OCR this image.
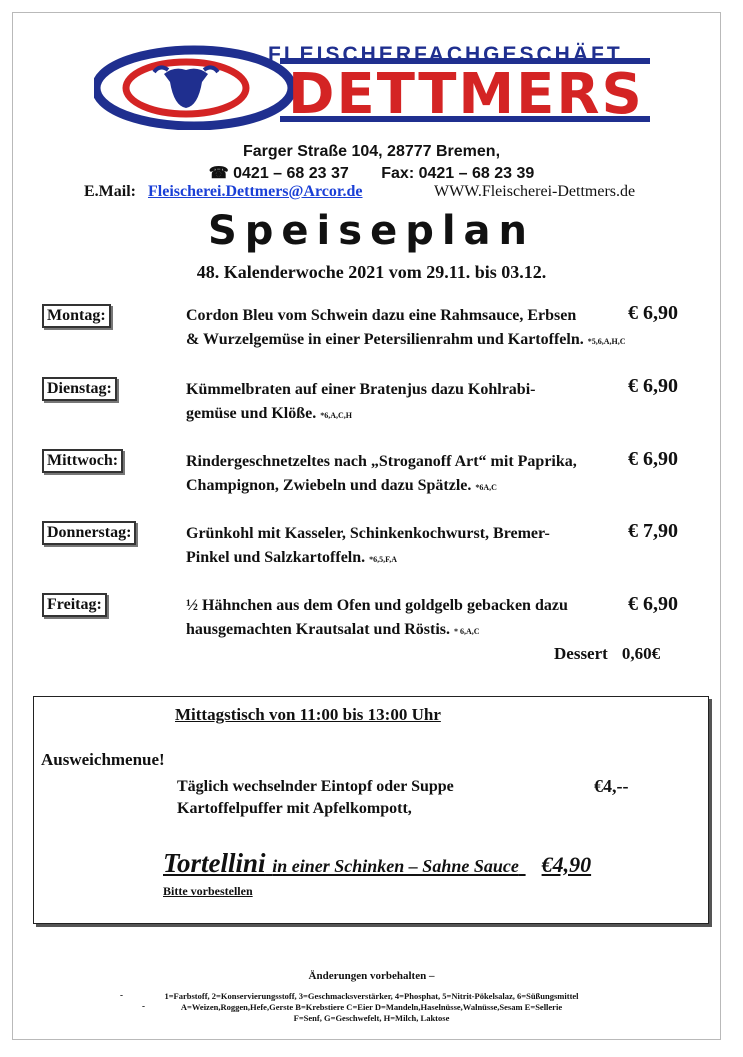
DETTMERS
FLEISCHERFACHGESCHÄFT
Farger Straße 104, 28777 Bremen,
☎ 0421 – 68 23 37 Fax: 0421 – 68 23 39
E.Mail: Fleischerei.Dettmers@Arcor.de	WWW.Fleischerei-Dettmers.de
Speiseplan
48. Kalenderwoche 2021 vom 29.11. bis 03.12.
Montag:	Cordon Bleu vom Schwein dazu eine Rahmsauce, Erbsen
& Wurzelgemüse in einer Petersilienrahm und Kartoffeln. *5,6,A,H,C
€ 6,90
Dienstag:	Kümmelbraten auf einer Bratenjus dazu Kohlrabi-
gemüse und Klöße. *6,A,C,H
€ 6,90
Mittwoch:	Rindergeschnetzeltes nach „Stroganoff Art“ mit Paprika,
Champignon, Zwiebeln und dazu Spätzle. *6A,C
€ 6,90
Donnerstag:	Grünkohl mit Kasseler, Schinkenkochwurst, Bremer-
Pinkel und Salzkartoffeln. *6,5,F,A
€ 7,90
Freitag:	½ Hähnchen aus dem Ofen und goldgelb gebacken dazu
hausgemachten Krautsalat und Röstis. * 6,A,C
€ 6,90
Dessert 0,60€
Mittagstisch von 11:00 bis 13:00 Uhr
Ausweichmenue!
Täglich wechselnder Eintopf oder Suppe	€4,--
Kartoffelpuffer mit Apfelkompott,
Tortellini in einer Schinken – Sahne Sauce €4,90
Bitte vorbestellen
Änderungen vorbehalten –
-	1=Farbstoff, 2=Konservierungsstoff, 3=Geschmacksverstärker, 4=Phosphat, 5=Nitrit-Pökelsalaz, 6=Süßungsmittel
-	A=Weizen,Roggen,Hefe,Gerste B=Krebstiere C=Eier D=Mandeln,Haselnüsse,Walnüsse,Sesam E=Sellerie
F=Senf, G=Geschwefelt, H=Milch, Laktose
